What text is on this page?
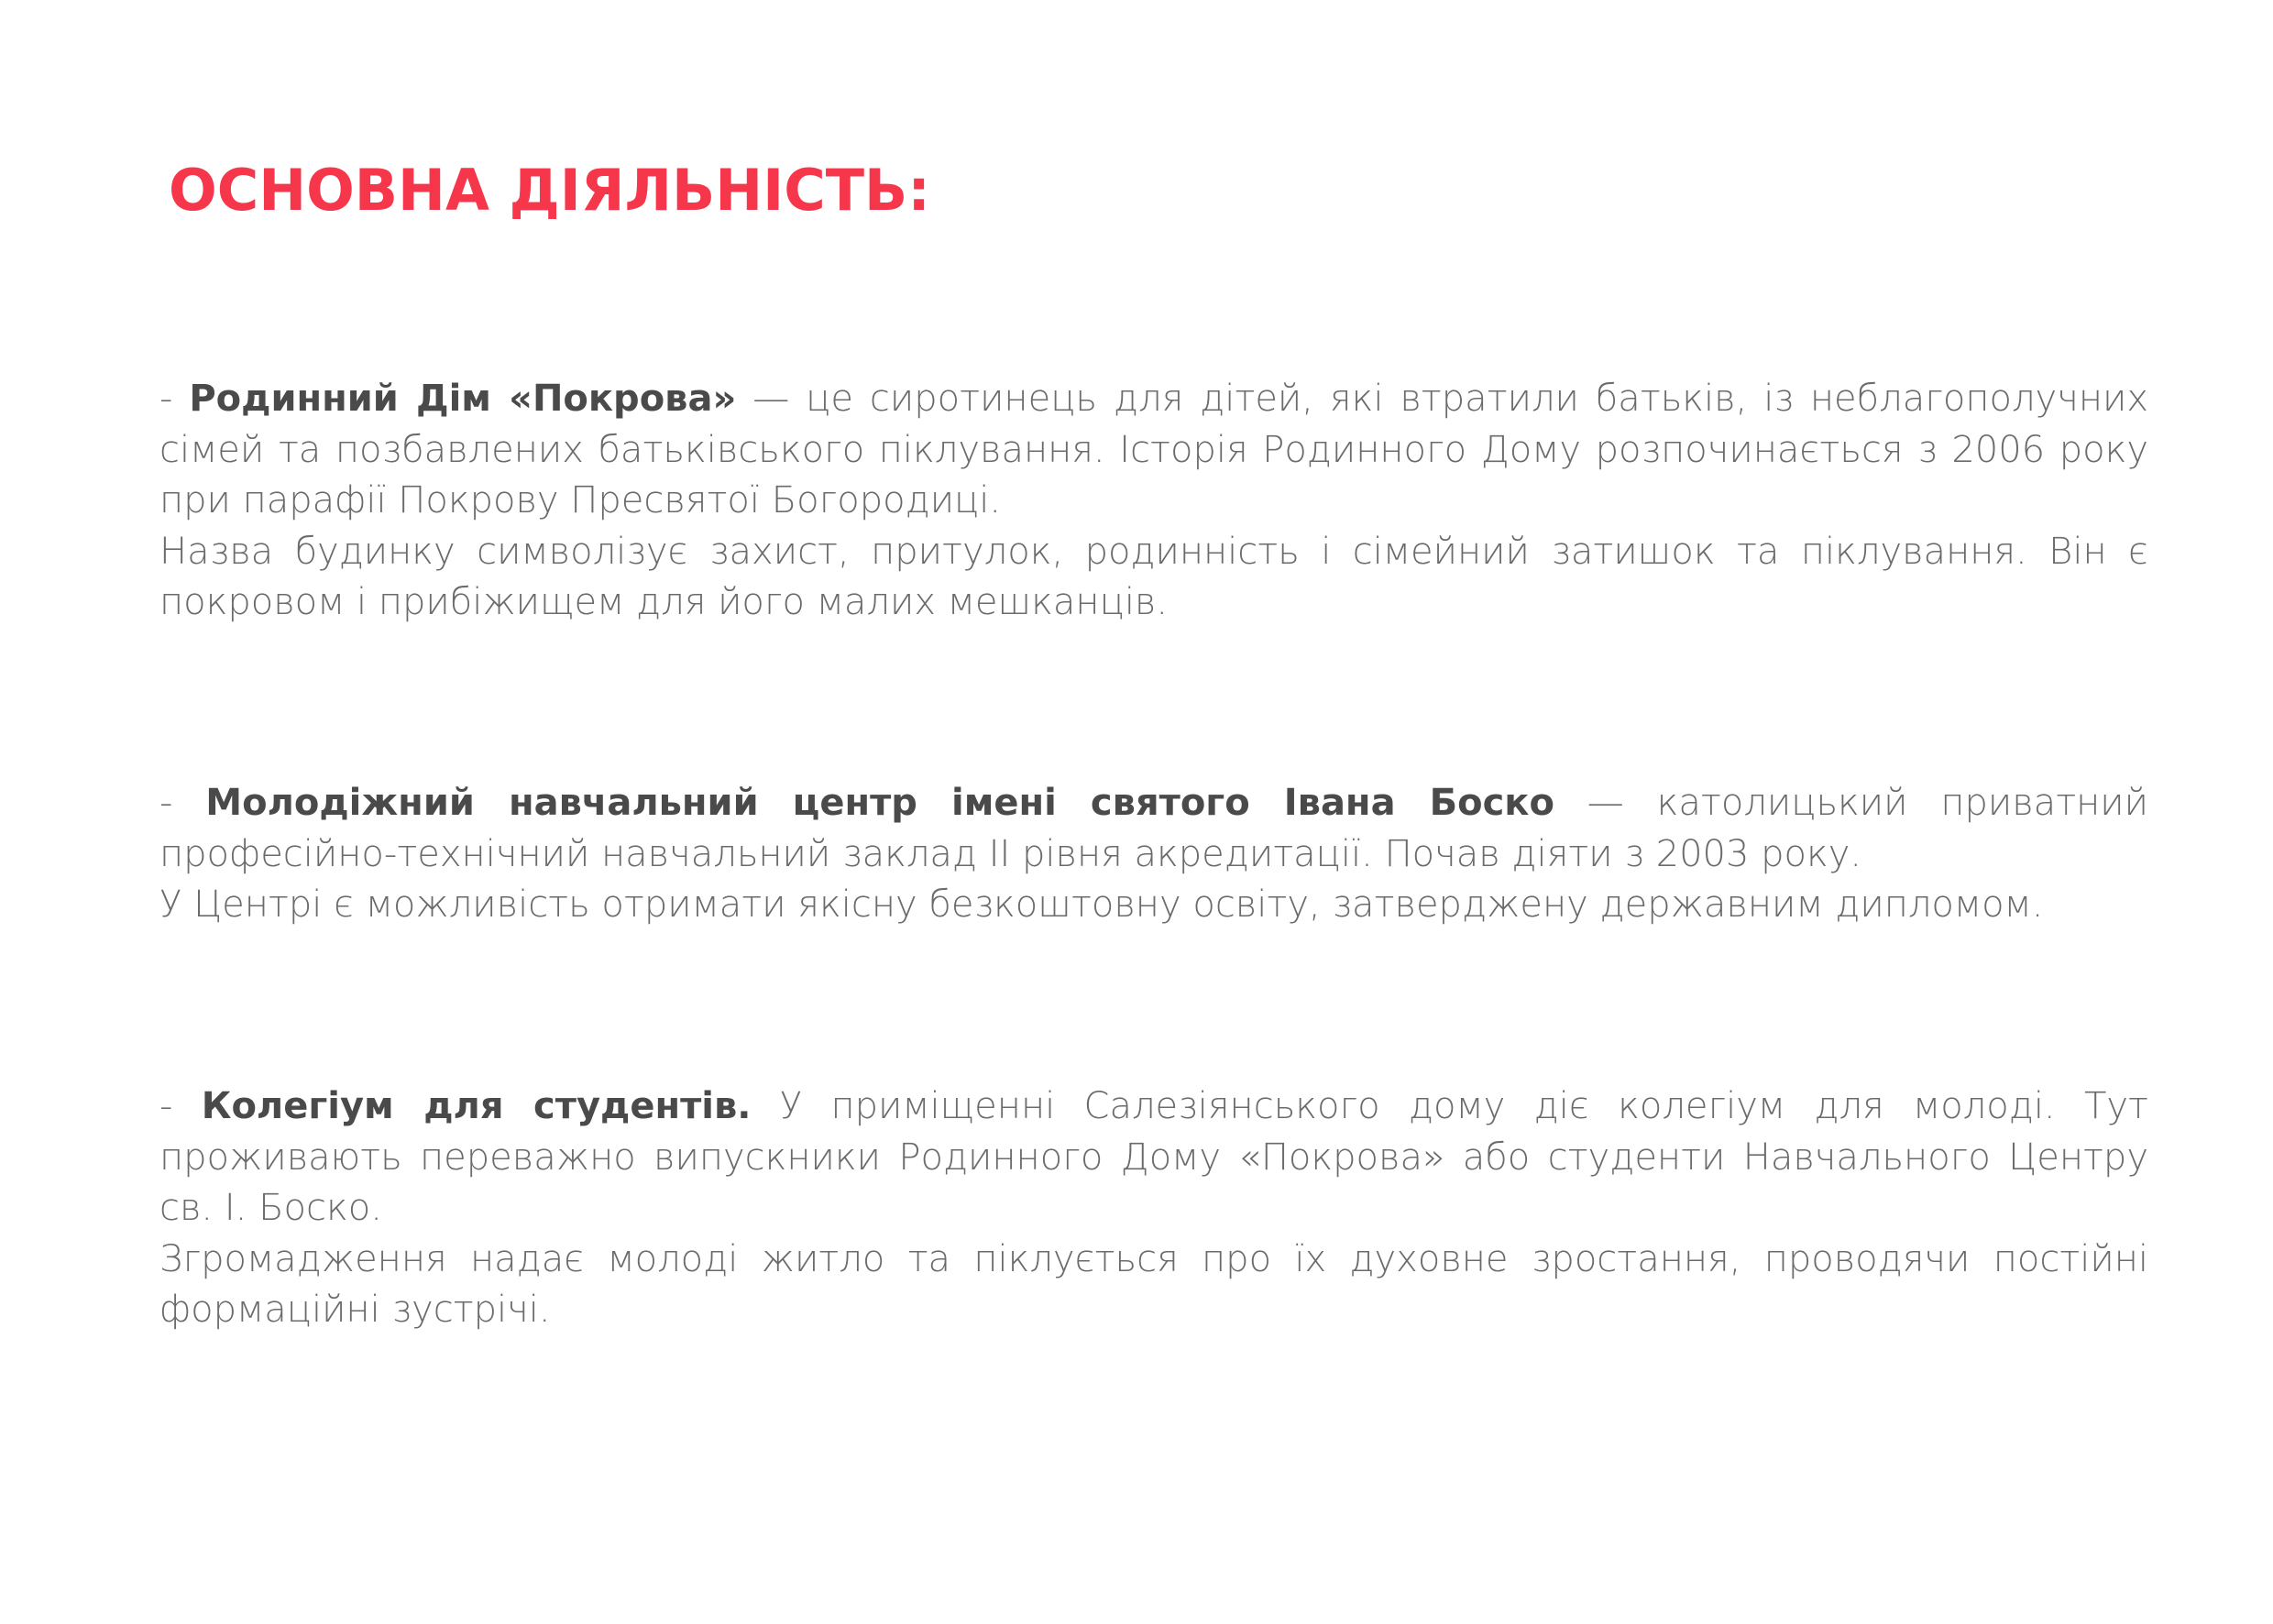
ОСНОВНА ДІЯЛЬНІСТЬ:

- Родинний Дім «Покрова» — це сиротинець для дітей, які втратили батьків, із неблагополучних сімей та позбавлених батьківського піклування. Історія Родинного Дому розпочинається з 2006 року при парафії Покрову Пресвятої Богородиці.

Назва будинку символізує захист, притулок, родинність і сімейний затишок та піклування. Він є покровом і прибіжищем для його малих мешканців.

- Молодіжний навчальний центр імені святого Івана Боско — католицький приватний професійно-технічний навчальний заклад ІІ рівня акредитації. Почав діяти з 2003 року.

У Центрі є можливість отримати якісну безкоштовну освіту, затверджену державним дипломом.

- Колегіум для студентів. У приміщенні Салезіянського дому діє колегіум для молоді. Тут проживають переважно випускники Родинного Дому «Покрова» або студенти Навчального Центру св. І. Боско.

Згромадження надає молоді житло та піклується про їх духовне зростання, проводячи постійні формаційні зустрічі.
